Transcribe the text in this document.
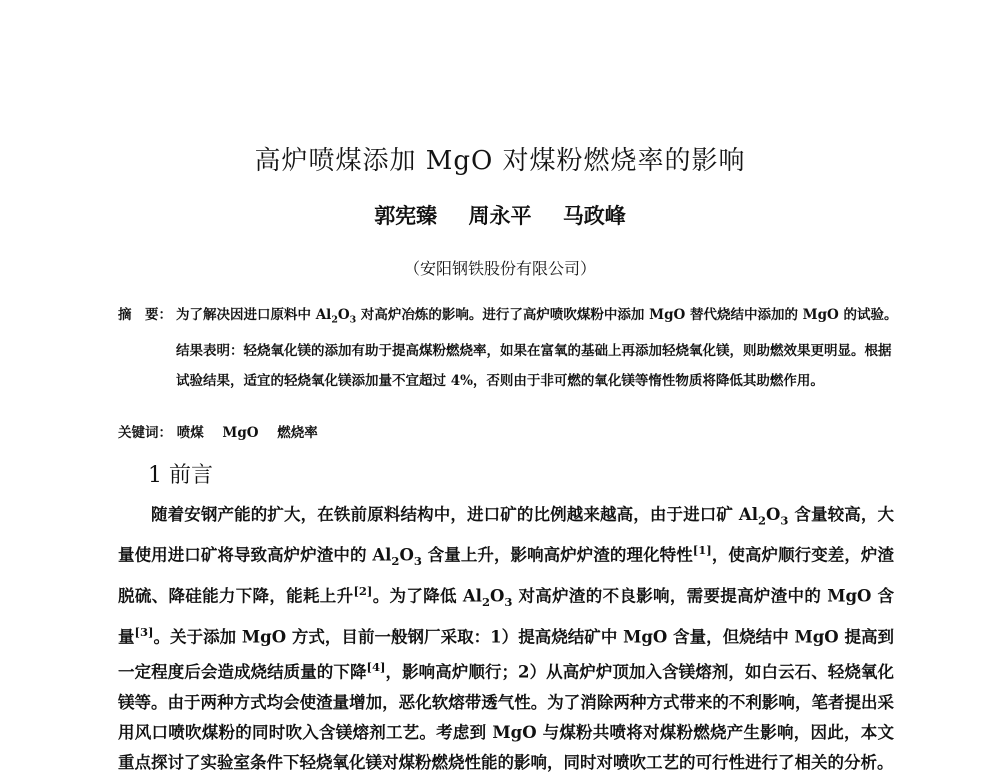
高炉喷煤添加 MgO 对煤粉燃烧率的影响
郭宪臻 周永平 马政峰
（安阳钢铁股份有限公司）
摘　要： 为了解决因进口原料中 $Al_2O_3$ 对高炉冶炼的影响。进行了高炉喷吹煤粉中添加 MgO 替代烧结中添加的 MgO 的试验。结果表明：轻烧氧化镁的添加有助于提高煤粉燃烧率，如果在富氧的基础上再添加轻烧氧化镁，则助燃效果更明显。根据试验结果，适宜的轻烧氧化镁添加量不宜超过 4%，否则由于非可燃的氧化镁等惰性物质将降低其助燃作用。
关键词： 喷煤 MgO 燃烧率
1 前言
随着安钢产能的扩大，在铁前原料结构中，进口矿的比例越来越高，由于进口矿 $Al_2O_3$ 含量较高，大量使用进口矿将导致高炉炉渣中的 $Al_2O_3$ 含量上升，影响高炉炉渣的理化特性[1]，使高炉顺行变差，炉渣脱硫、降硅能力下降，能耗上升[2]。为了降低 $Al_2O_3$ 对高炉渣的不良影响，需要提高炉渣中的 MgO 含量[3]。关于添加 MgO 方式，目前一般钢厂采取：1）提高烧结矿中 MgO 含量，但烧结中 MgO 提高到一定程度后会造成烧结质量的下降[4]，影响高炉顺行；2）从高炉炉顶加入含镁熔剂，如白云石、轻烧氧化镁等。由于两种方式均会使渣量增加，恶化软熔带透气性。为了消除两种方式带来的不利影响，笔者提出采用风口喷吹煤粉的同时吹入含镁熔剂工艺。考虑到 MgO 与煤粉共喷将对煤粉燃烧产生影响，因此，本文重点探讨了实验室条件下轻烧氧化镁对煤粉燃烧性能的影响，同时对喷吹工艺的可行性进行了相关的分析。
